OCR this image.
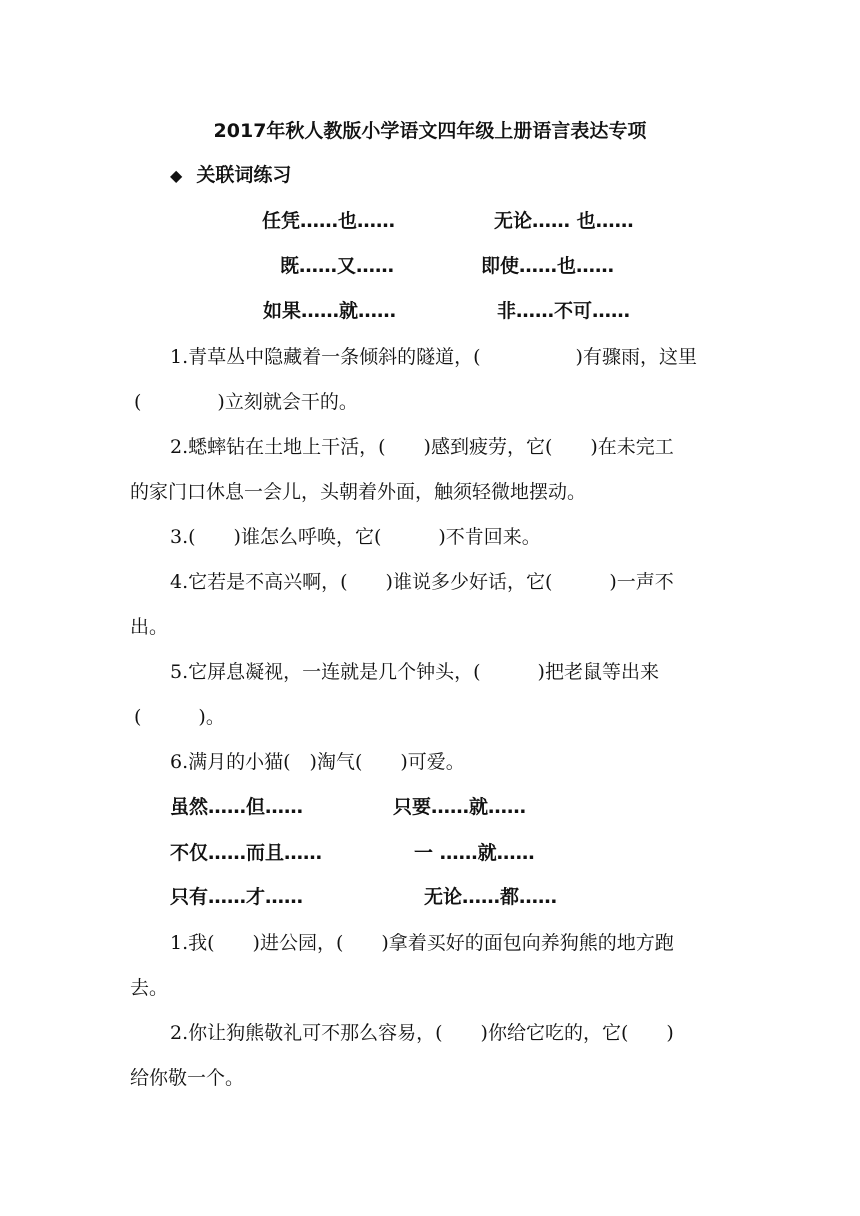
2017年秋人教版小学语文四年级上册语言表达专项
◆ 关联词练习
任凭……也……	无论…… 也……
既……又……	即使……也……
如果……就……	非……不可……
1.青草丛中隐藏着一条倾斜的隧道，(　　　　　)有骤雨，这里
(　　　　)立刻就会干的。
2.蟋蟀钻在土地上干活，(　　)感到疲劳，它(　　)在未完工
的家门口休息一会儿，头朝着外面，触须轻微地摆动。
3.(　　)谁怎么呼唤，它(　　　)不肯回来。
4.它若是不高兴啊，(　　)谁说多少好话，它(　　　)一声不
出。
5.它屏息凝视，一连就是几个钟头，(　　　)把老鼠等出来
(　　　)。
6.满月的小猫(　)淘气(　　)可爱。
虽然……但……	只要……就……
不仅……而且……	一 ……就……
只有……才……	无论……都……
1.我(　　)进公园，(　　)拿着买好的面包向养狗熊的地方跑
去。
2.你让狗熊敬礼可不那么容易，(　　)你给它吃的，它(　　)
给你敬一个。
